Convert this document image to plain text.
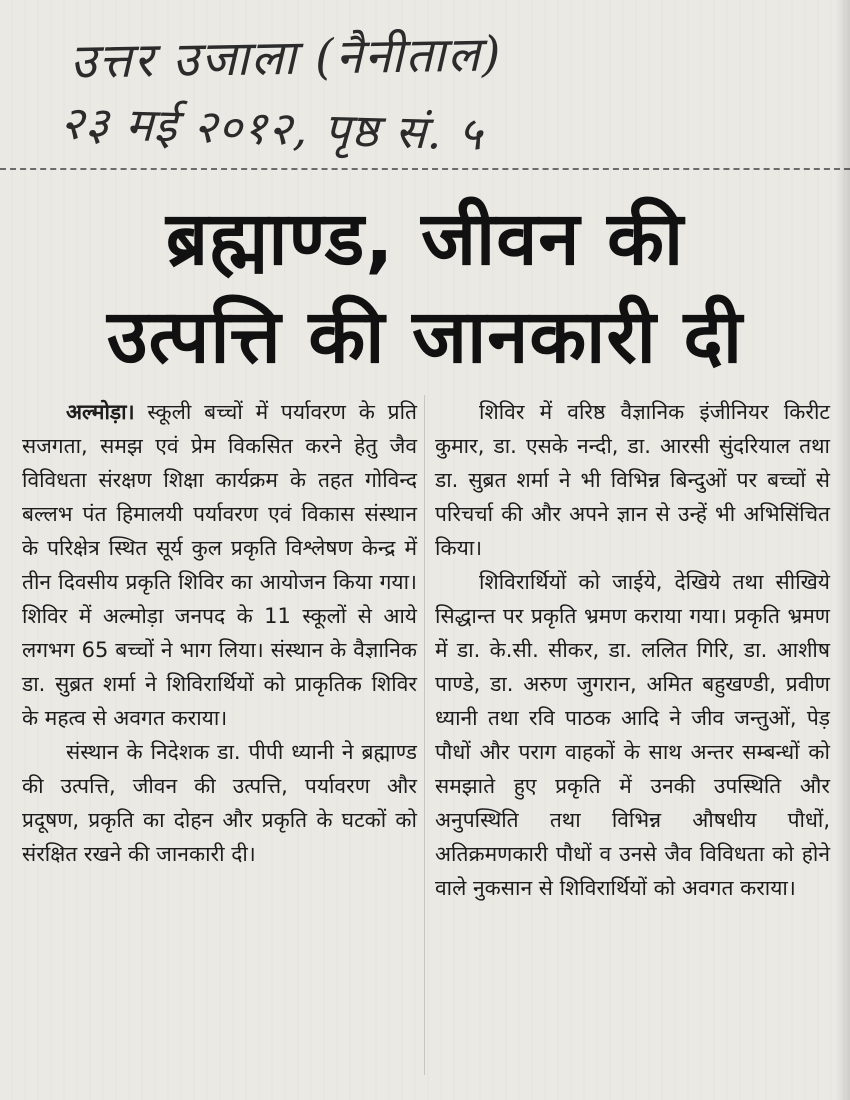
उत्तर उजाला (नैनीताल)
२३ मई २०१२, पृष्ठ सं. ५
ब्रह्माण्ड, जीवन की
उत्पत्ति की जानकारी दी

अल्मोड़ा। स्कूली बच्चों में पर्यावरण के प्रति सजगता, समझ एवं प्रेम विकसित करने हेतु जैव विविधता संरक्षण शिक्षा कार्यक्रम के तहत गोविन्द बल्लभ पंत हिमालयी पर्यावरण एवं विकास संस्थान के परिक्षेत्र स्थित सूर्य कुल प्रकृति विश्लेषण केन्द्र में तीन दिवसीय प्रकृति शिविर का आयोजन किया गया। शिविर में अल्मोड़ा जनपद के 11 स्कूलों से आये लगभग 65 बच्चों ने भाग लिया। संस्थान के वैज्ञानिक डा. सुब्रत शर्मा ने शिविरार्थियों को प्राकृतिक शिविर के महत्व से अवगत कराया।

संस्थान के निदेशक डा. पीपी ध्यानी ने ब्रह्माण्ड की उत्पत्ति, जीवन की उत्पत्ति, पर्यावरण और प्रदूषण, प्रकृति का दोहन और प्रकृति के घटकों को संरक्षित रखने की जानकारी दी।

शिविर में वरिष्ठ वैज्ञानिक इंजीनियर किरीट कुमार, डा. एसके नन्दी, डा. आरसी सुंदरियाल तथा डा. सुब्रत शर्मा ने भी विभिन्न बिन्दुओं पर बच्चों से परिचर्चा की और अपने ज्ञान से उन्हें भी अभिसिंचित किया।

शिविरार्थियों को जाईये, देखिये तथा सीखिये सिद्धान्त पर प्रकृति भ्रमण कराया गया। प्रकृति भ्रमण में डा. के.सी. सीकर, डा. ललित गिरि, डा. आशीष पाण्डे, डा. अरुण जुगरान, अमित बहुखण्डी, प्रवीण ध्यानी तथा रवि पाठक आदि ने जीव जन्तुओं, पेड़ पौधों और पराग वाहकों के साथ अन्तर सम्बन्धों को समझाते हुए प्रकृति में उनकी उपस्थिति और अनुपस्थिति तथा विभिन्न औषधीय पौधों, अतिक्रमणकारी पौधों व उनसे जैव विविधता को होने वाले नुकसान से शिविरार्थियों को अवगत कराया।
